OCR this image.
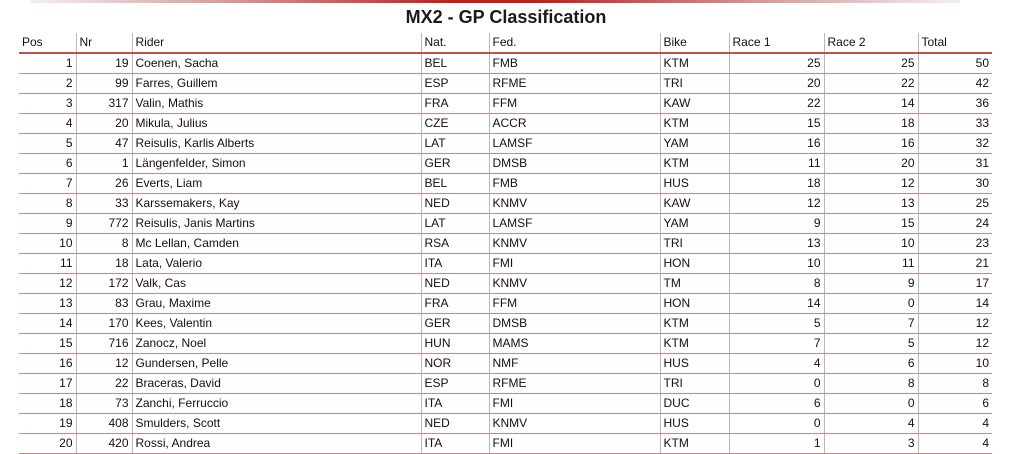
MX2 - GP Classification
Pos	Nr	Rider	Nat.	Fed.	Bike	Race 1	Race 2	Total
1	19	Coenen, Sacha	BEL	FMB	KTM	25	25	50
2	99	Farres, Guillem	ESP	RFME	TRI	20	22	42
3	317	Valin, Mathis	FRA	FFM	KAW	22	14	36
4	20	Mikula, Julius	CZE	ACCR	KTM	15	18	33
5	47	Reisulis, Karlis Alberts	LAT	LAMSF	YAM	16	16	32
6	1	Längenfelder, Simon	GER	DMSB	KTM	11	20	31
7	26	Everts, Liam	BEL	FMB	HUS	18	12	30
8	33	Karssemakers, Kay	NED	KNMV	KAW	12	13	25
9	772	Reisulis, Janis Martins	LAT	LAMSF	YAM	9	15	24
10	8	Mc Lellan, Camden	RSA	KNMV	TRI	13	10	23
11	18	Lata, Valerio	ITA	FMI	HON	10	11	21
12	172	Valk, Cas	NED	KNMV	TM	8	9	17
13	83	Grau, Maxime	FRA	FFM	HON	14	0	14
14	170	Kees, Valentin	GER	DMSB	KTM	5	7	12
15	716	Zanocz, Noel	HUN	MAMS	KTM	7	5	12
16	12	Gundersen, Pelle	NOR	NMF	HUS	4	6	10
17	22	Braceras, David	ESP	RFME	TRI	0	8	8
18	73	Zanchi, Ferruccio	ITA	FMI	DUC	6	0	6
19	408	Smulders, Scott	NED	KNMV	HUS	0	4	4
20	420	Rossi, Andrea	ITA	FMI	KTM	1	3	4
